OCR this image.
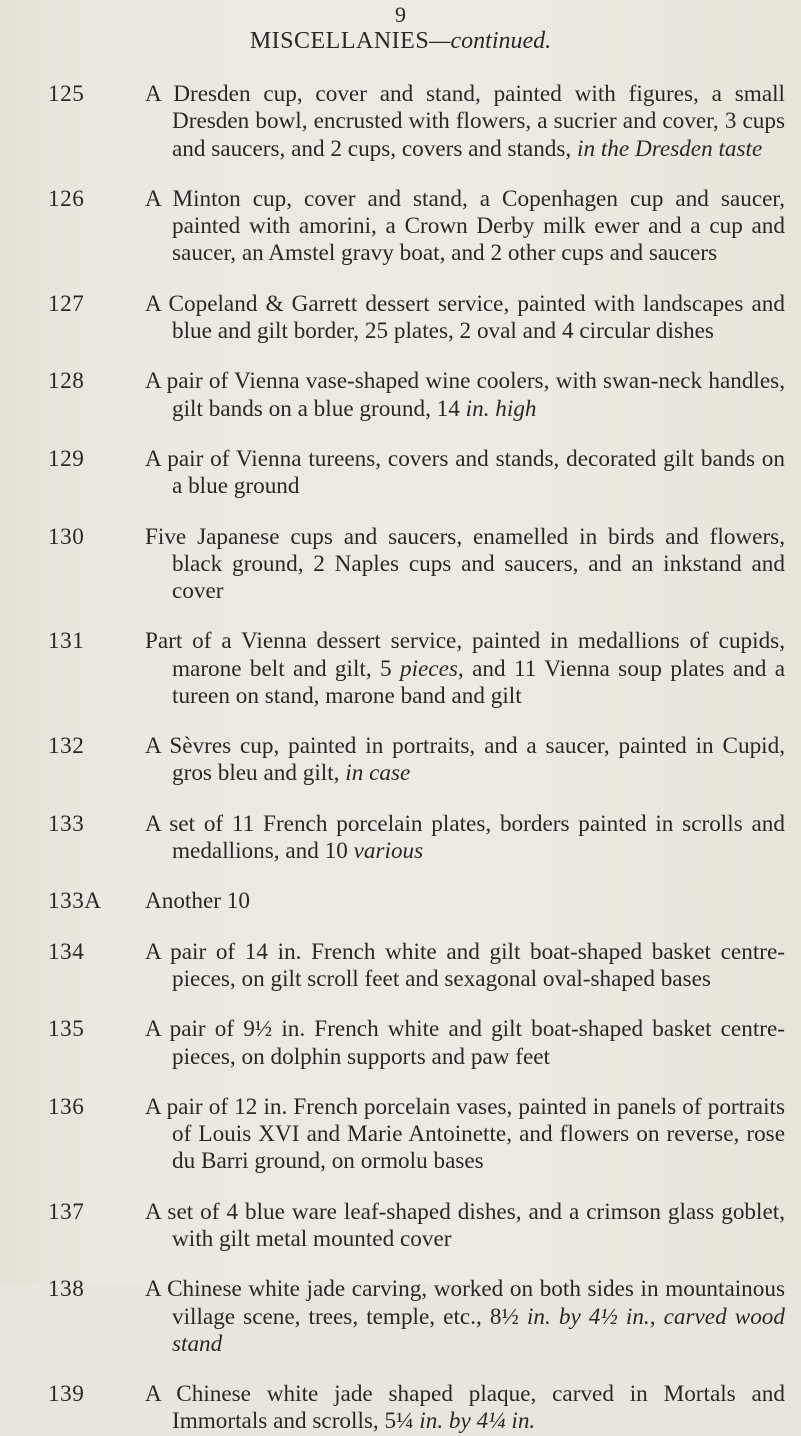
9
MISCELLANIES—continued.
125	A Dresden cup, cover and stand, painted with figures, a small Dresden bowl, encrusted with flowers, a sucrier and cover, 3 cups and saucers, and 2 cups, covers and stands, in the Dresden taste

126	A Minton cup, cover and stand, a Copenhagen cup and saucer, painted with amorini, a Crown Derby milk ewer and a cup and saucer, an Amstel gravy boat, and 2 other cups and saucers

127	A Copeland & Garrett dessert service, painted with landscapes and blue and gilt border, 25 plates, 2 oval and 4 circular dishes

128	A pair of Vienna vase-shaped wine coolers, with swan-neck handles, gilt bands on a blue ground, 14 in. high

129	A pair of Vienna tureens, covers and stands, decorated gilt bands on a blue ground

130	Five Japanese cups and saucers, enamelled in birds and flowers, black ground, 2 Naples cups and saucers, and an inkstand and cover

131	Part of a Vienna dessert service, painted in medallions of cupids, marone belt and gilt, 5 pieces, and 11 Vienna soup plates and a tureen on stand, marone band and gilt

132	A Sèvres cup, painted in portraits, and a saucer, painted in Cupid, gros bleu and gilt, in case

133	A set of 11 French porcelain plates, borders painted in scrolls and medallions, and 10 various

133A	Another 10

134	A pair of 14 in. French white and gilt boat-shaped basket centre-pieces, on gilt scroll feet and sexagonal oval-shaped bases

135	A pair of 9½ in. French white and gilt boat-shaped basket centre-pieces, on dolphin supports and paw feet

136	A pair of 12 in. French porcelain vases, painted in panels of portraits of Louis XVI and Marie Antoinette, and flowers on reverse, rose du Barri ground, on ormolu bases

137	A set of 4 blue ware leaf-shaped dishes, and a crimson glass goblet, with gilt metal mounted cover

138	A Chinese white jade carving, worked on both sides in mountainous village scene, trees, temple, etc., 8½ in. by 4½ in., carved wood stand

139	A Chinese white jade shaped plaque, carved in Mortals and Immortals and scrolls, 5¼ in. by 4¼ in.
